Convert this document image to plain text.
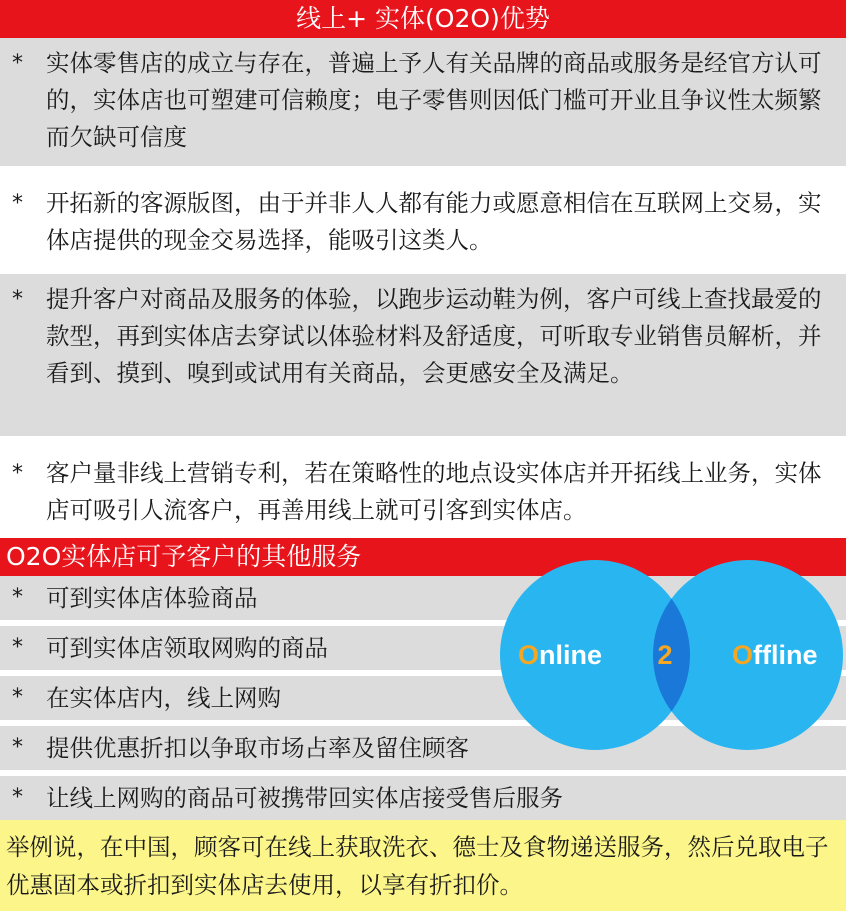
线上+ 实体(O2O)优势
* 实体零售店的成立与存在，普遍上予人有关品牌的商品或服务是经官方认可的，实体店也可塑建可信赖度；电子零售则因低门槛可开业且争议性太频繁而欠缺可信度
* 开拓新的客源版图，由于并非人人都有能力或愿意相信在互联网上交易，实体店提供的现金交易选择，能吸引这类人。
* 提升客户对商品及服务的体验，以跑步运动鞋为例，客户可线上查找最爱的款型，再到实体店去穿试以体验材料及舒适度，可听取专业销售员解析，并看到、摸到、嗅到或试用有关商品，会更感安全及满足。
* 客户量非线上营销专利，若在策略性的地点设实体店并开拓线上业务，实体店可吸引人流客户，再善用线上就可引客到实体店。
O2O实体店可予客户的其他服务
* 可到实体店体验商品
* 可到实体店领取网购的商品
* 在实体店内，线上网购
* 提供优惠折扣以争取市场占率及留住顾客
* 让线上网购的商品可被携带回实体店接受售后服务
Online 2 Offline
举例说，在中国，顾客可在线上获取洗衣、德士及食物递送服务，然后兑取电子优惠固本或折扣到实体店去使用，以享有折扣价。
